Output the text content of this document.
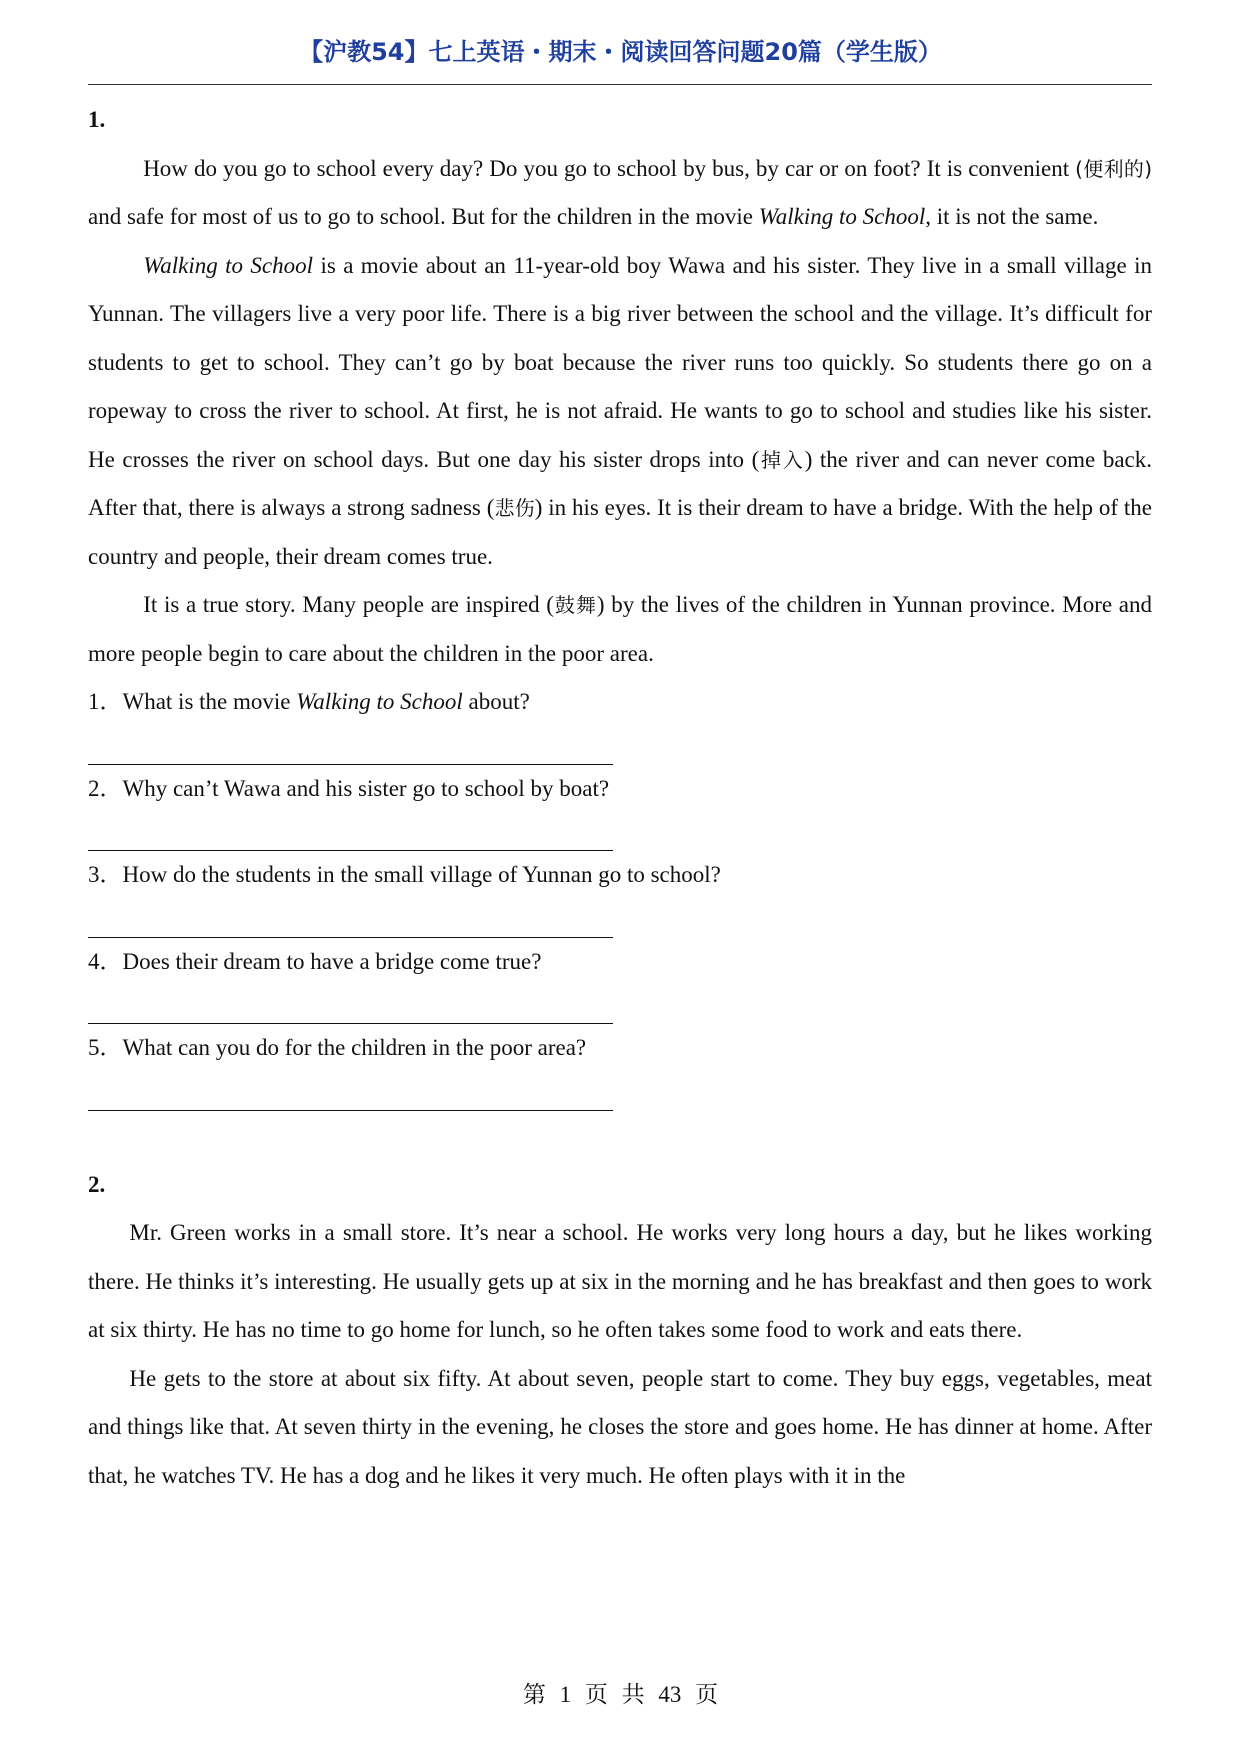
【沪教54】七上英语・期末・阅读回答问题20篇（学生版）

1.

How do you go to school every day? Do you go to school by bus, by car or on foot? It is convenient (便利的) and safe for most of us to go to school. But for the children in the movie Walking to School, it is not the same.

Walking to School is a movie about an 11-year-old boy Wawa and his sister. They live in a small village in Yunnan. The villagers live a very poor life. There is a big river between the school and the village. It’s difficult for students to get to school. They can’t go by boat because the river runs too quickly. So students there go on a ropeway to cross the river to school. At first, he is not afraid. He wants to go to school and studies like his sister. He crosses the river on school days. But one day his sister drops into (掉入) the river and can never come back. After that, there is always a strong sadness (悲伤) in his eyes. It is their dream to have a bridge. With the help of the country and people, their dream comes true.

It is a true story. Many people are inspired (鼓舞) by the lives of the children in Yunnan province. More and more people begin to care about the children in the poor area.

1．What is the movie Walking to School about?

2．Why can’t Wawa and his sister go to school by boat?

3．How do the students in the small village of Yunnan go to school?

4．Does their dream to have a bridge come true?

5．What can you do for the children in the poor area?

2.

Mr. Green works in a small store. It’s near a school. He works very long hours a day, but he likes working there. He thinks it’s interesting. He usually gets up at six in the morning and he has breakfast and then goes to work at six thirty. He has no time to go home for lunch, so he often takes some food to work and eats there.

He gets to the store at about six fifty. At about seven, people start to come. They buy eggs, vegetables, meat and things like that. At seven thirty in the evening, he closes the store and goes home. He has dinner at home. After that, he watches TV. He has a dog and he likes it very much. He often plays with it in the

第 1 页 共 43 页
